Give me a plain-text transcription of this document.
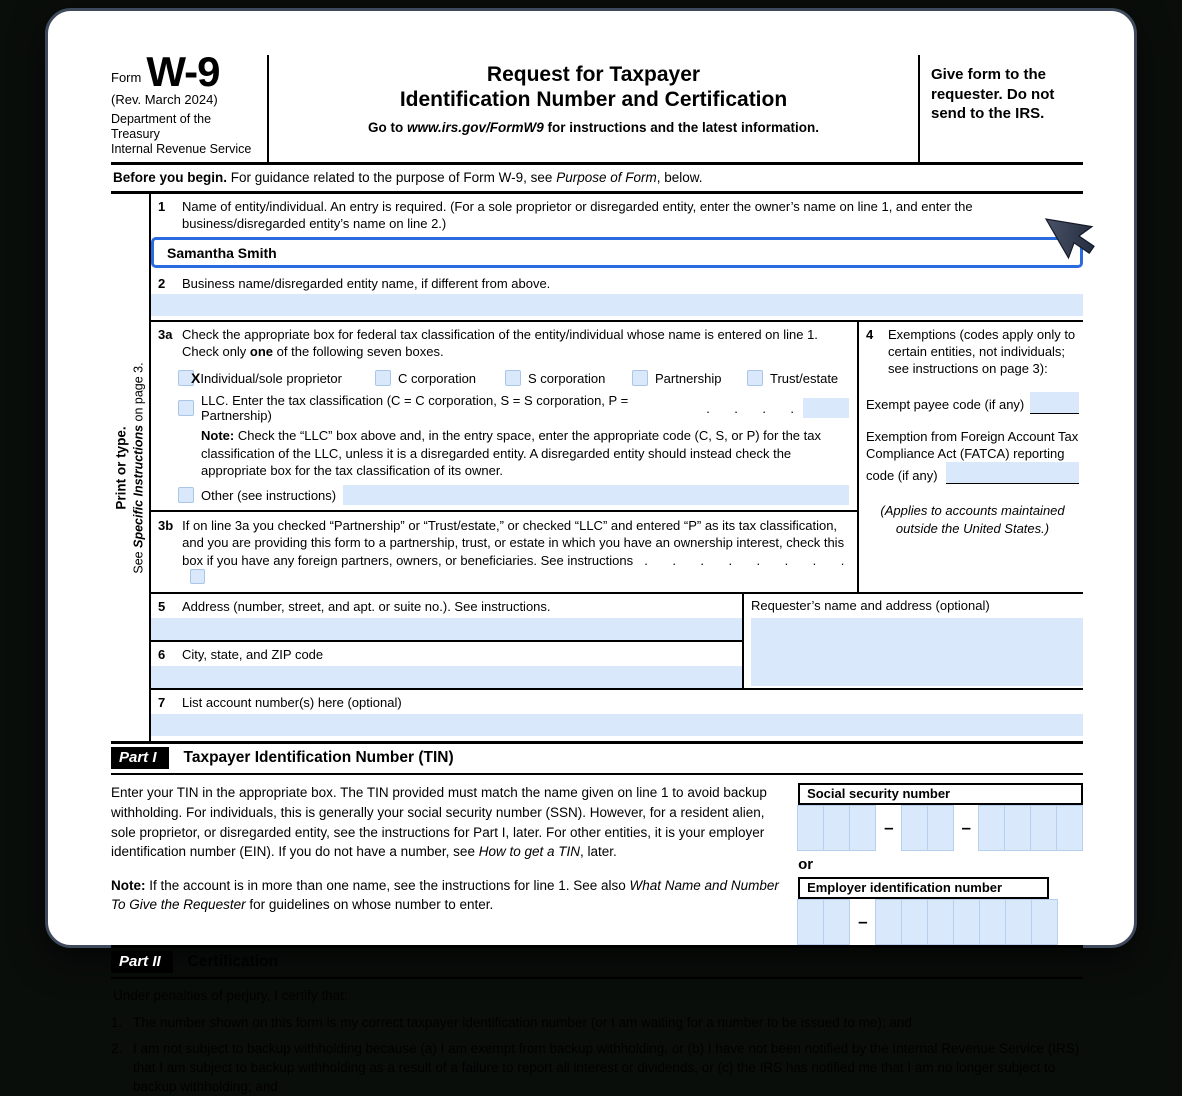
Form W-9
(Rev. March 2024)
Department of the Treasury
Internal Revenue Service
Request for Taxpayer
Identification Number and Certification
Go to www.irs.gov/FormW9 for instructions and the latest information.
Give form to the requester. Do not send to the IRS.
Before you begin. For guidance related to the purpose of Form W-9, see Purpose of Form, below.
Print or type.
See Specific Instructions on page 3.
1	Name of entity/individual. An entry is required. (For a sole proprietor or disregarded entity, enter the owner’s name on line 1, and enter the business/disregarded entity’s name on line 2.)
Samantha Smith
2	Business name/disregarded entity name, if different from above.
3a Check the appropriate box for federal tax classification of the entity/individual whose name is entered on line 1. Check only one of the following seven boxes.
X Individual/sole proprietor	C corporation	S corporation	Partnership	Trust/estate
LLC. Enter the tax classification (C = C corporation, S = S corporation, P = Partnership)	.    .    .    .
Note: Check the “LLC” box above and, in the entry space, enter the appropriate code (C, S, or P) for the tax classification of the LLC, unless it is a disregarded entity. A disregarded entity should instead check the appropriate box for the tax classification of its owner.
Other (see instructions)
3b If on line 3a you checked “Partnership” or “Trust/estate,” or checked “LLC” and entered “P” as its tax classification, and you are providing this form to a partnership, trust, or estate in which you have an ownership interest, check this box if you have any foreign partners, owners, or beneficiaries. See instructions  .    .    .    .    .    .    .    .
4	Exemptions (codes apply only to certain entities, not individuals; see instructions on page 3):
Exempt payee code (if any)
Exemption from Foreign Account Tax Compliance Act (FATCA) reporting
code (if any)
(Applies to accounts maintained outside the United States.)
5	Address (number, street, and apt. or suite no.). See instructions.
6	City, state, and ZIP code
Requester’s name and address (optional)
7	List account number(s) here (optional)
Part I	Taxpayer Identification Number (TIN)
Enter your TIN in the appropriate box. The TIN provided must match the name given on line 1 to avoid backup withholding. For individuals, this is generally your social security number (SSN). However, for a resident alien, sole proprietor, or disregarded entity, see the instructions for Part I, later. For other entities, it is your employer identification number (EIN). If you do not have a number, see How to get a TIN, later.
Note: If the account is in more than one name, see the instructions for line 1. See also What Name and Number To Give the Requester for guidelines on whose number to enter.
Social security number
–	–
or
Employer identification number
–
Part II	Certification
Under penalties of perjury, I certify that:
1. The number shown on this form is my correct taxpayer identification number (or I am waiting for a number to be issued to me); and
2. I am not subject to backup withholding because (a) I am exempt from backup withholding, or (b) I have not been notified by the Internal Revenue Service (IRS) that I am subject to backup withholding as a result of a failure to report all interest or dividends, or (c) the IRS has notified me that I am no longer subject to backup withholding; and
